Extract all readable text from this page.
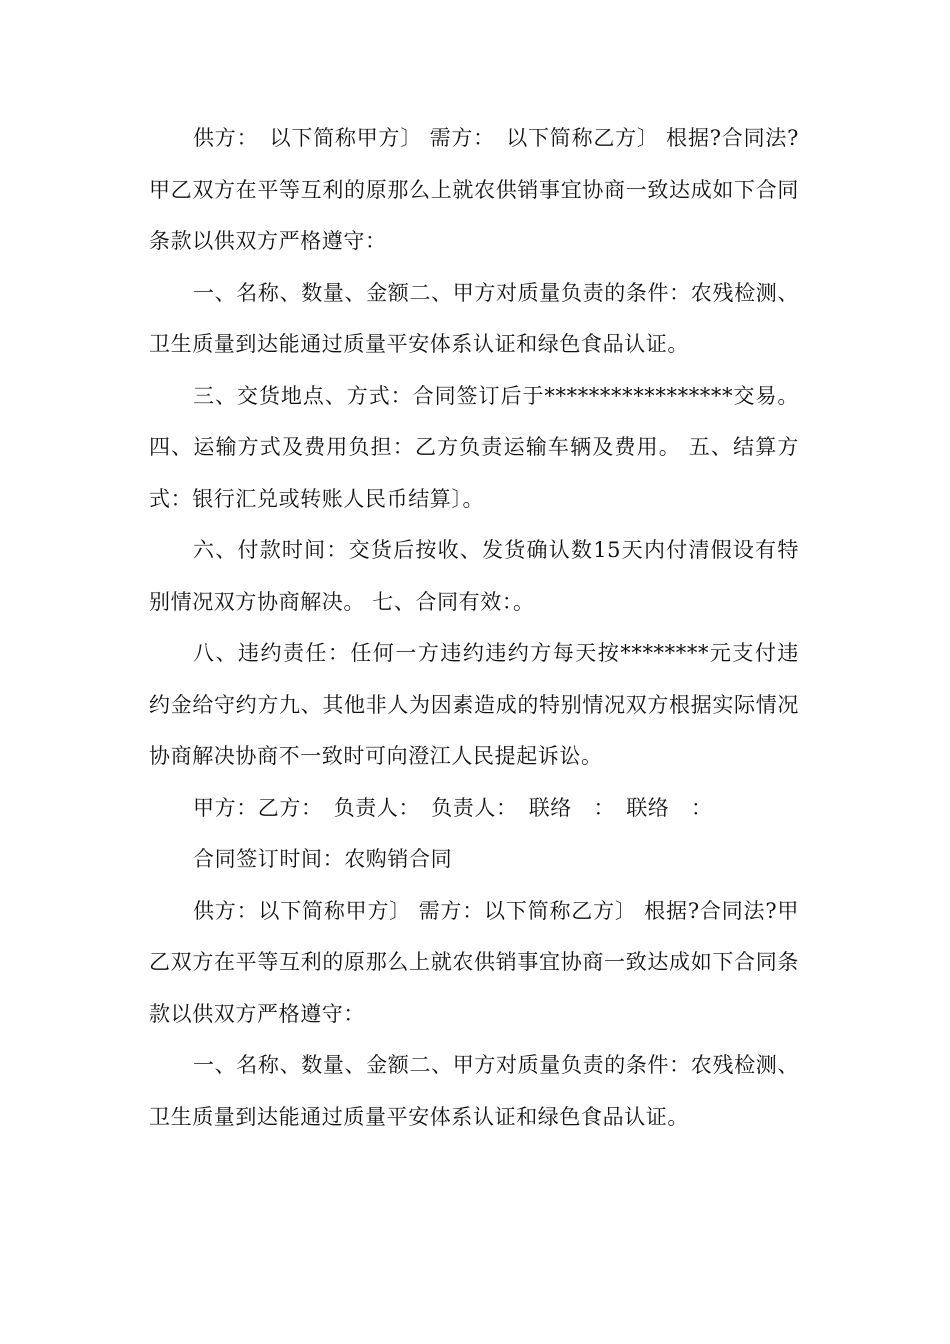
供方：　以下简称甲方〕 需方：　以下简称乙方〕 根据?合同法?甲乙双方在平等互利的原那么上就农供销事宜协商一致达成如下合同条款以供双方严格遵守：

一、名称、数量、金额二、甲方对质量负责的条件：农残检测、卫生质量到达能通过质量平安体系认证和绿色食品认证。

三、交货地点、方式：合同签订后于*****************交易。 四、运输方式及费用负担：乙方负责运输车辆及费用。 五、结算方式：银行汇兑或转账人民币结算〕。

六、付款时间：交货后按收、发货确认数15天内付清假设有特别情况双方协商解决。 七、合同有效：。

八、违约责任：任何一方违约违约方每天按********元支付违约金给守约方九、其他非人为因素造成的特别情况双方根据实际情况协商解决协商不一致时可向澄江人民提起诉讼。

甲方：乙方：　负责人：　负责人：　联络　：　联络　：

合同签订时间：农购销合同

供方：以下简称甲方〕 需方：以下简称乙方〕 根据?合同法?甲乙双方在平等互利的原那么上就农供销事宜协商一致达成如下合同条款以供双方严格遵守：

一、名称、数量、金额二、甲方对质量负责的条件：农残检测、卫生质量到达能通过质量平安体系认证和绿色食品认证。
